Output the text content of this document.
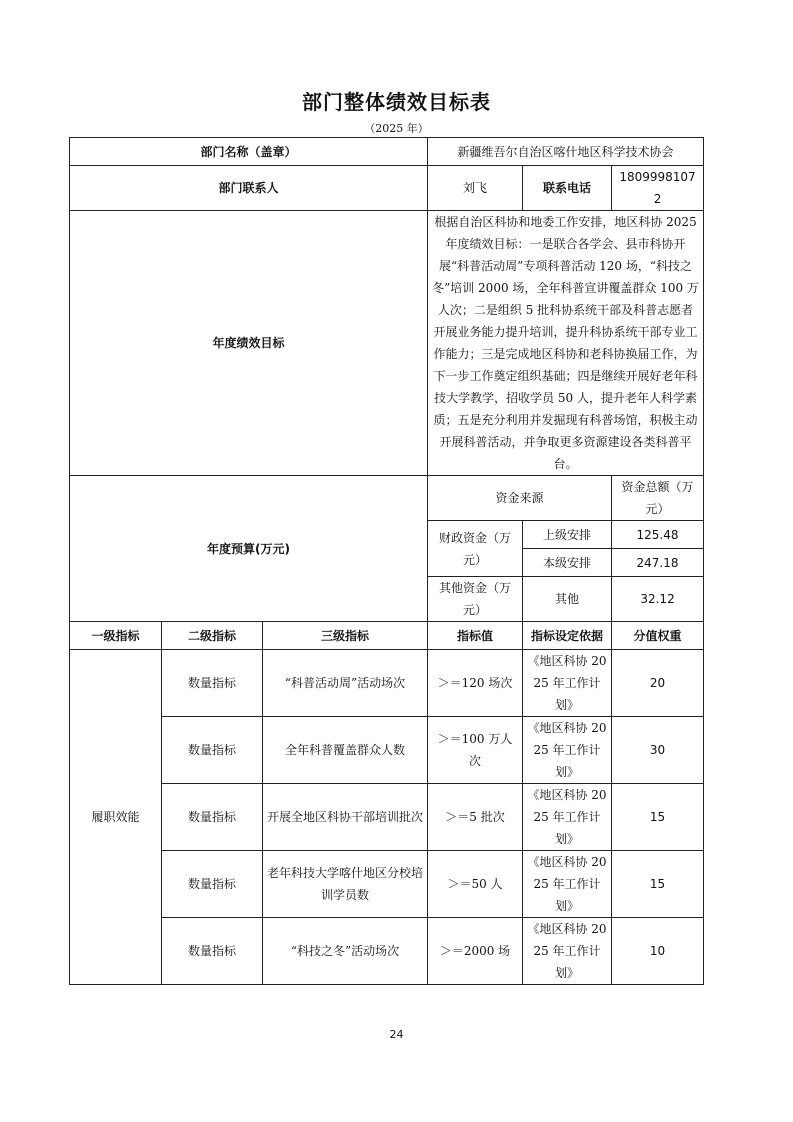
部门整体绩效目标表
（2025 年）
部门名称（盖章）			新疆维吾尔自治区喀什地区科学技术协会		
部门联系人			刘飞	联系电话	18099981072
年度绩效目标			根据自治区科协和地委工作安排，地区科协 2025 年度绩效目标：一是联合各学会、县市科协开展“科普活动周”专项科普活动 120 场，“科技之冬”培训 2000 场，全年科普宣讲覆盖群众 100 万人次；二是组织 5 批科协系统干部及科普志愿者开展业务能力提升培训，提升科协系统干部专业工作能力；三是完成地区科协和老科协换届工作，为下一步工作奠定组织基础；四是继续开展好老年科技大学教学，招收学员 50 人，提升老年人科学素质；五是充分利用并发掘现有科普场馆，积极主动开展科普活动，并争取更多资源建设各类科普平台。		
年度预算(万元)			资金来源		资金总额（万元）
			财政资金（万元）	上级安排	125.48
				本级安排	247.18
			其他资金（万元）	其他	32.12
一级指标	二级指标	三级指标	指标值	指标设定依据	分值权重
履职效能	数量指标	“科普活动周”活动场次	＞＝120 场次	《地区科协 2025 年工作计划》	20
	数量指标	全年科普覆盖群众人数	＞＝100 万人次	《地区科协 2025 年工作计划》	30
	数量指标	开展全地区科协干部培训批次	＞＝5 批次	《地区科协 2025 年工作计划》	15
	数量指标	老年科技大学喀什地区分校培训学员数	＞＝50 人	《地区科协 2025 年工作计划》	15
	数量指标	“科技之冬”活动场次	＞＝2000 场	《地区科协 2025 年工作计划》	10
24
